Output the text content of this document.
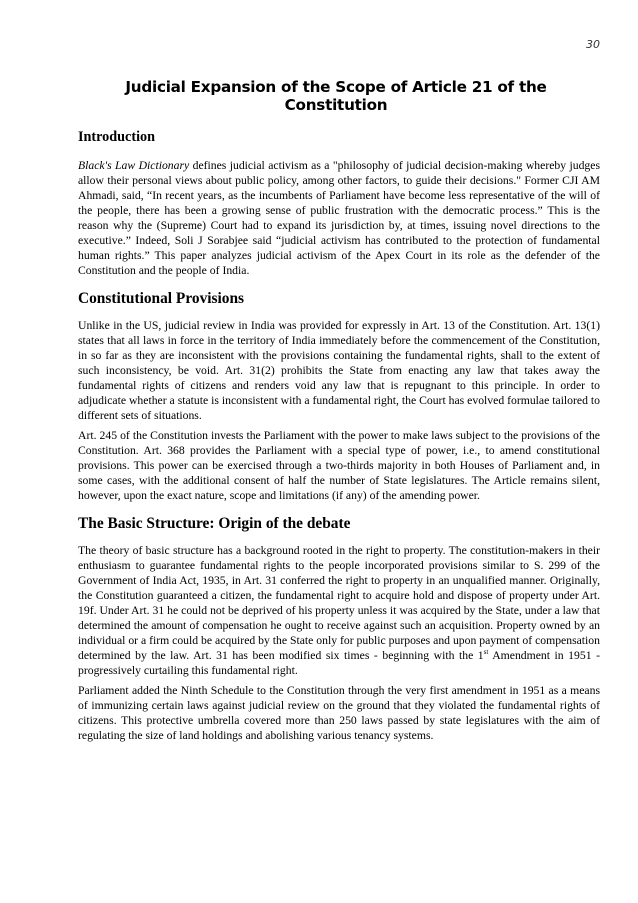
30
Judicial Expansion of the Scope of Article 21 of the Constitution
Introduction

Black's Law Dictionary defines judicial activism as a "philosophy of judicial decision-making whereby judges allow their personal views about public policy, among other factors, to guide their decisions." Former CJI AM Ahmadi, said, “In recent years, as the incumbents of Parliament have become less representative of the will of the people, there has been a growing sense of public frustration with the democratic process.” This is the reason why the (Supreme) Court had to expand its jurisdiction by, at times, issuing novel directions to the executive.” Indeed, Soli J Sorabjee said “judicial activism has contributed to the protection of fundamental human rights.” This paper analyzes judicial activism of the Apex Court in its role as the defender of the Constitution and the people of India.

Constitutional Provisions

Unlike in the US, judicial review in India was provided for expressly in Art. 13 of the Constitution. Art. 13(1) states that all laws in force in the territory of India immediately before the commencement of the Constitution, in so far as they are inconsistent with the provisions containing the fundamental rights, shall to the extent of such inconsistency, be void. Art. 31(2) prohibits the State from enacting any law that takes away the fundamental rights of citizens and renders void any law that is repugnant to this principle. In order to adjudicate whether a statute is inconsistent with a fundamental right, the Court has evolved formulae tailored to different sets of situations.

Art. 245 of the Constitution invests the Parliament with the power to make laws subject to the provisions of the Constitution. Art. 368 provides the Parliament with a special type of power, i.e., to amend constitutional provisions. This power can be exercised through a two-thirds majority in both Houses of Parliament and, in some cases, with the additional consent of half the number of State legislatures. The Article remains silent, however, upon the exact nature, scope and limitations (if any) of the amending power.

The Basic Structure: Origin of the debate

The theory of basic structure has a background rooted in the right to property. The constitution-makers in their enthusiasm to guarantee fundamental rights to the people incorporated provisions similar to S. 299 of the Government of India Act, 1935, in Art. 31 conferred the right to property in an unqualified manner. Originally, the Constitution guaranteed a citizen, the fundamental right to acquire hold and dispose of property under Art. 19f. Under Art. 31 he could not be deprived of his property unless it was acquired by the State, under a law that determined the amount of compensation he ought to receive against such an acquisition. Property owned by an individual or a firm could be acquired by the State only for public purposes and upon payment of compensation determined by the law. Art. 31 has been modified six times - beginning with the 1st Amendment in 1951 -progressively curtailing this fundamental right.

Parliament added the Ninth Schedule to the Constitution through the very first amendment in 1951 as a means of immunizing certain laws against judicial review on the ground that they violated the fundamental rights of citizens. This protective umbrella covered more than 250 laws passed by state legislatures with the aim of regulating the size of land holdings and abolishing various tenancy systems.
